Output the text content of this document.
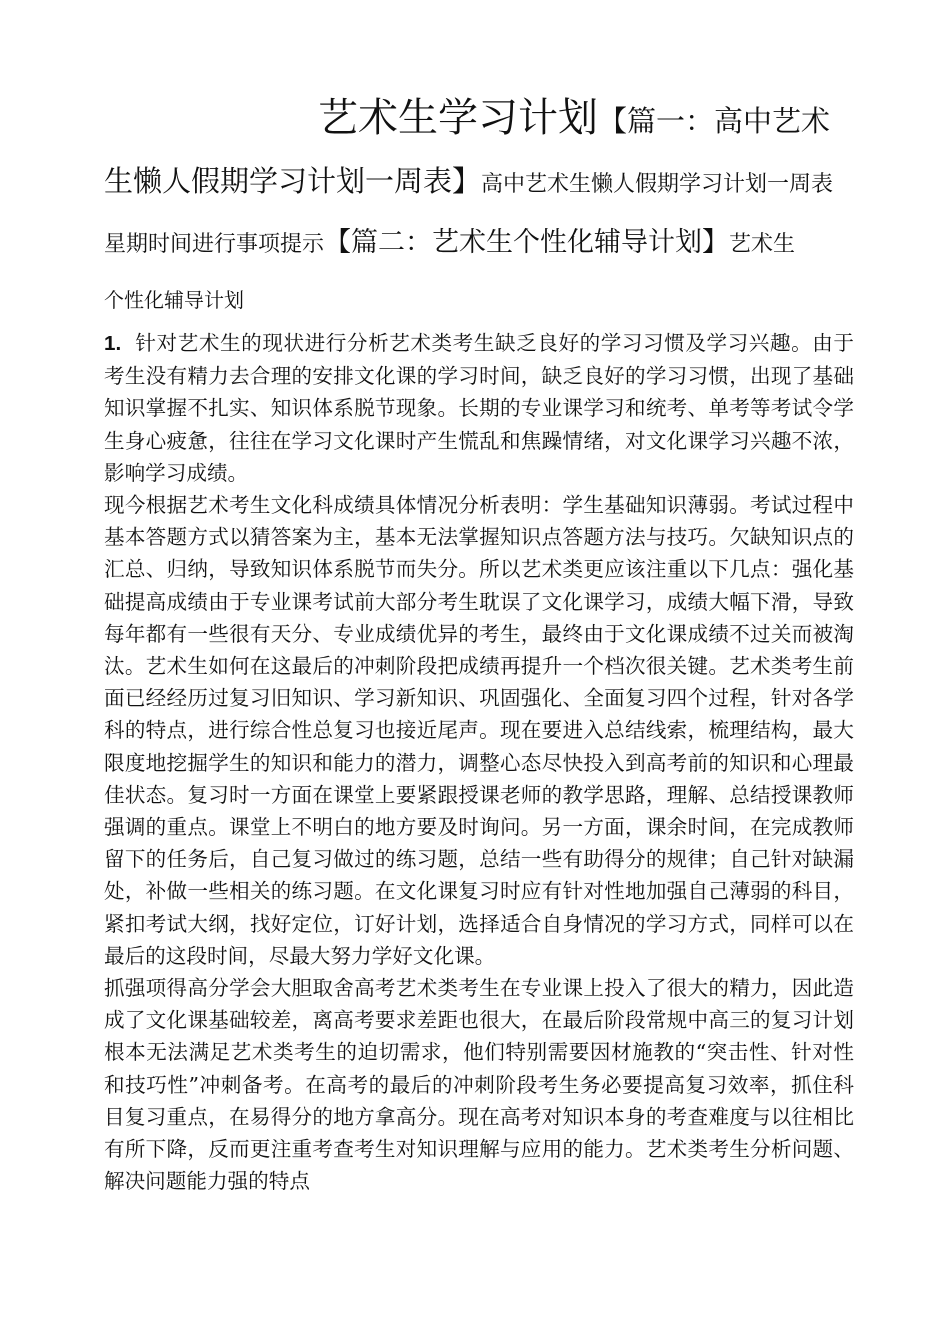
艺术生学习计划【篇一：高中艺术
生懒人假期学习计划一周表】高中艺术生懒人假期学习计划一周表
星期时间进行事项提示【篇二：艺术生个性化辅导计划】艺术生
个性化辅导计划

1. 针对艺术生的现状进行分析艺术类考生缺乏良好的学习习惯及学习兴趣。由于考生没有精力去合理的安排文化课的学习时间，缺乏良好的学习习惯，出现了基础知识掌握不扎实、知识体系脱节现象。长期的专业课学习和统考、单考等考试令学生身心疲惫，往往在学习文化课时产生慌乱和焦躁情绪，对文化课学习兴趣不浓，影响学习成绩。

现今根据艺术考生文化科成绩具体情况分析表明：学生基础知识薄弱。考试过程中基本答题方式以猜答案为主，基本无法掌握知识点答题方法与技巧。欠缺知识点的汇总、归纳，导致知识体系脱节而失分。所以艺术类更应该注重以下几点：强化基础提高成绩由于专业课考试前大部分考生耽误了文化课学习，成绩大幅下滑，导致每年都有一些很有天分、专业成绩优异的考生，最终由于文化课成绩不过关而被淘汰。艺术生如何在这最后的冲刺阶段把成绩再提升一个档次很关键。艺术类考生前面已经经历过复习旧知识、学习新知识、巩固强化、全面复习四个过程，针对各学科的特点，进行综合性总复习也接近尾声。现在要进入总结线索，梳理结构，最大限度地挖掘学生的知识和能力的潜力，调整心态尽快投入到高考前的知识和心理最佳状态。复习时一方面在课堂上要紧跟授课老师的教学思路，理解、总结授课教师强调的重点。课堂上不明白的地方要及时询问。另一方面，课余时间，在完成教师留下的任务后，自己复习做过的练习题，总结一些有助得分的规律；自己针对缺漏处，补做一些相关的练习题。在文化课复习时应有针对性地加强自己薄弱的科目，紧扣考试大纲，找好定位，订好计划，选择适合自身情况的学习方式，同样可以在最后的这段时间，尽最大努力学好文化课。

抓强项得高分学会大胆取舍高考艺术类考生在专业课上投入了很大的精力，因此造成了文化课基础较差，离高考要求差距也很大，在最后阶段常规中高三的复习计划根本无法满足艺术类考生的迫切需求，他们特别需要因材施教的“突击性、针对性和技巧性”冲刺备考。在高考的最后的冲刺阶段考生务必要提高复习效率，抓住科目复习重点，在易得分的地方拿高分。现在高考对知识本身的考查难度与以往相比有所下降，反而更注重考查考生对知识理解与应用的能力。艺术类考生分析问题、解决问题能力强的特点
